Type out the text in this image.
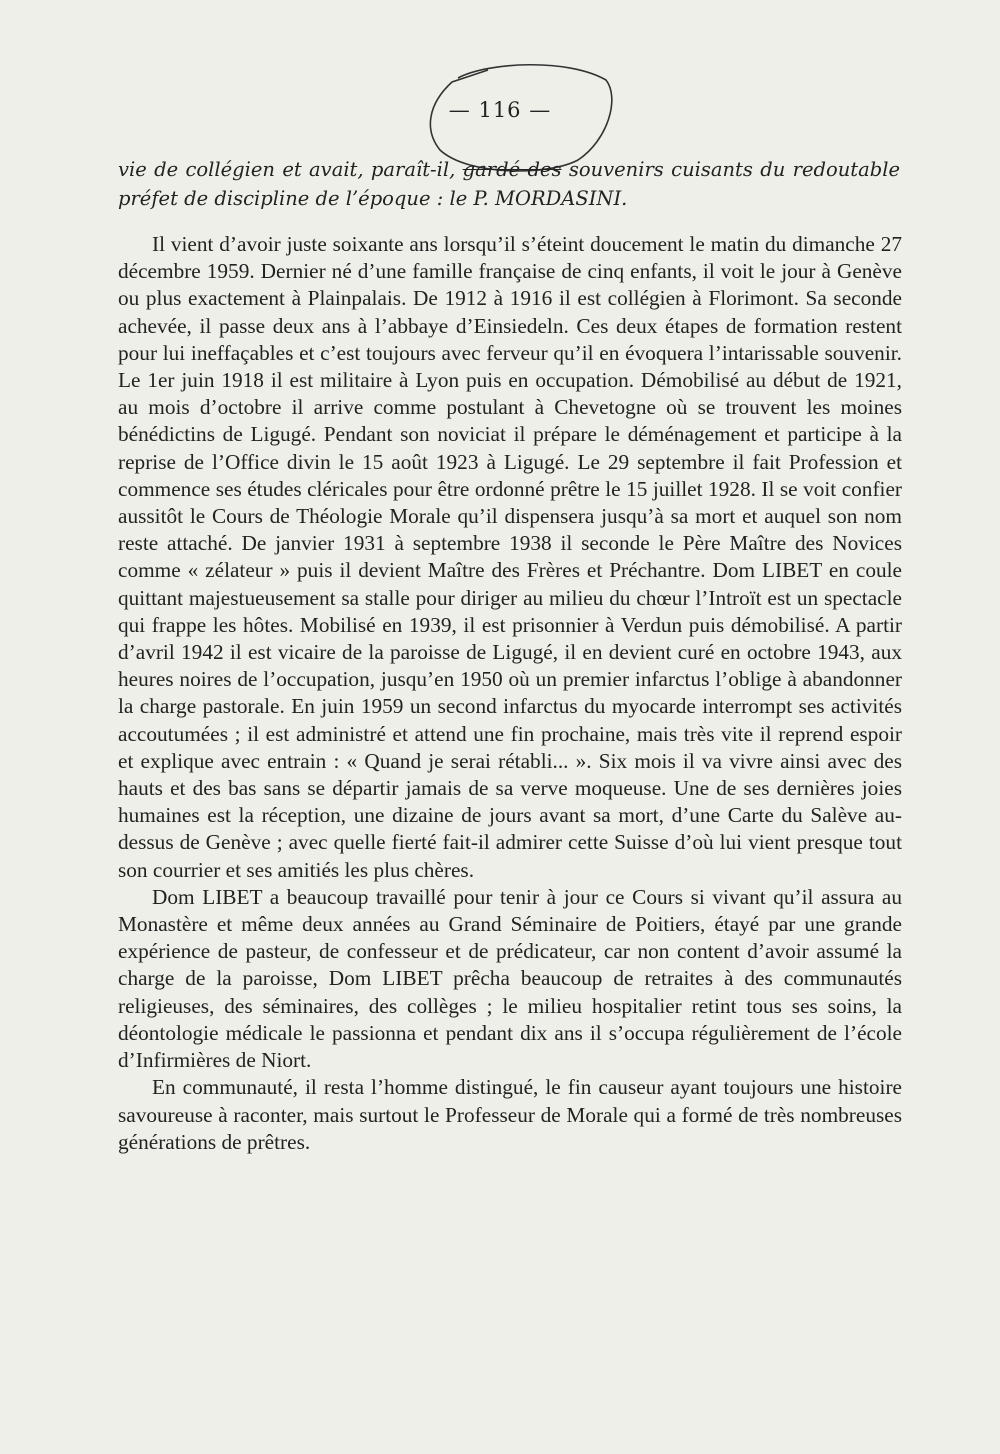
— 116 —
vie de collégien et avait, paraît-il, gardé des souvenirs cuisants du redoutable
préfet de discipline de l’époque : le P. MORDASINI.

Il vient d’avoir juste soixante ans lorsqu’il s’éteint doucement le matin du dimanche 27 décembre 1959. Dernier né d’une famille française de cinq enfants, il voit le jour à Genève ou plus exactement à Plainpalais. De 1912 à 1916 il est collégien à Florimont. Sa seconde achevée, il passe deux ans à l’abbaye d’Einsiedeln. Ces deux étapes de formation restent pour lui ineffaçables et c’est toujours avec ferveur qu’il en évoquera l’intarissable souvenir. Le 1er juin 1918 il est militaire à Lyon puis en occupation. Démobilisé au début de 1921, au mois d’octobre il arrive comme postulant à Chevetogne où se trouvent les moines bénédictins de Ligugé. Pendant son noviciat il prépare le déménagement et participe à la reprise de l’Office divin le 15 août 1923 à Ligugé. Le 29 septembre il fait Profession et commence ses études cléricales pour être ordonné prêtre le 15 juillet 1928. Il se voit confier aussitôt le Cours de Théologie Morale qu’il dispensera jusqu’à sa mort et auquel son nom reste attaché. De janvier 1931 à septembre 1938 il seconde le Père Maître des Novices comme « zélateur » puis il devient Maître des Frères et Préchantre. Dom LIBET en coule quittant majestueusement sa stalle pour diriger au milieu du chœur l’Introït est un spectacle qui frappe les hôtes. Mobilisé en 1939, il est prisonnier à Verdun puis démobilisé. A partir d’avril 1942 il est vicaire de la paroisse de Ligugé, il en devient curé en octobre 1943, aux heures noires de l’occupation, jusqu’en 1950 où un premier infarctus l’oblige à abandonner la charge pastorale. En juin 1959 un second infarctus du myocarde interrompt ses activités accoutumées ; il est administré et attend une fin prochaine, mais très vite il reprend espoir et explique avec entrain : « Quand je serai rétabli... ». Six mois il va vivre ainsi avec des hauts et des bas sans se départir jamais de sa verve moqueuse. Une de ses dernières joies humaines est la réception, une dizaine de jours avant sa mort, d’une Carte du Salève au-dessus de Genève ; avec quelle fierté fait-il admirer cette Suisse d’où lui vient presque tout son courrier et ses amitiés les plus chères.

Dom LIBET a beaucoup travaillé pour tenir à jour ce Cours si vivant qu’il assura au Monastère et même deux années au Grand Séminaire de Poitiers, étayé par une grande expérience de pasteur, de confesseur et de prédicateur, car non content d’avoir assumé la charge de la paroisse, Dom LIBET prêcha beaucoup de retraites à des communautés religieuses, des séminaires, des collèges ; le milieu hospitalier retint tous ses soins, la déontologie médicale le passionna et pendant dix ans il s’occupa régulièrement de l’école d’Infirmières de Niort.

En communauté, il resta l’homme distingué, le fin causeur ayant toujours une histoire savoureuse à raconter, mais surtout le Professeur de Morale qui a formé de très nombreuses générations de prêtres.
